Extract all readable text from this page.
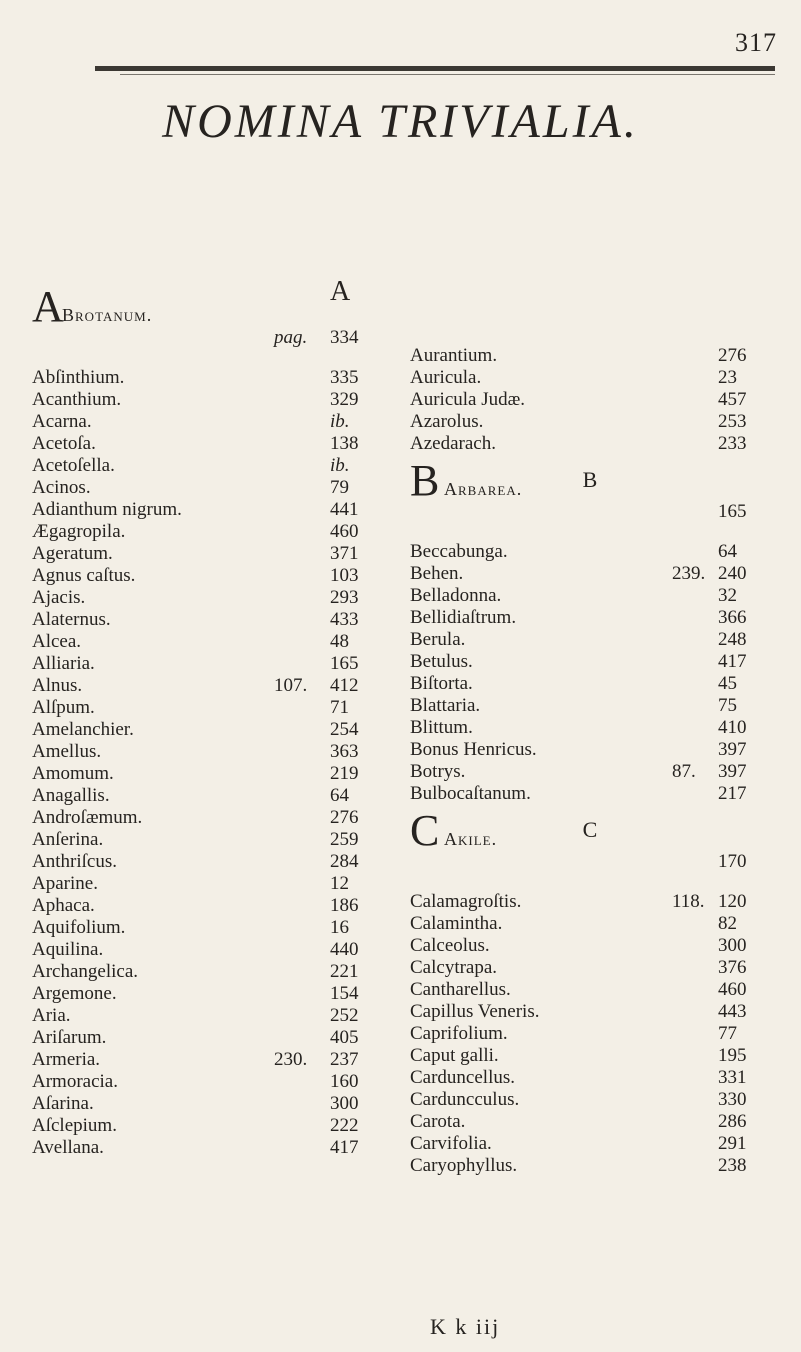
317
NOMINA TRIVIALIA.
A
A
Brotanum.
pag. 334
Abſinthium.	335
Acanthium.	329
Acarna.	ib.
Acetoſa.	138
Acetoſella.	ib.
Acinos.	79
Adianthum nigrum.	441
Ægagropila.	460
Ageratum.	371
Agnus caſtus.	103
Ajacis.	293
Alaternus.	433
Alcea.	48
Alliaria.	165
Alnus.	107. 412
Alſpum.	71
Amelanchier.	254
Amellus.	363
Amomum.	219
Anagallis.	64
Androſæmum.	276
Anſerina.	259
Anthriſcus.	284
Aparine.	12
Aphaca.	186
Aquifolium.	16
Aquilina.	440
Archangelica.	221
Argemone.	154
Aria.	252
Ariſarum.	405
Armeria.	230. 237
Armoracia.	160
Aſarina.	300
Aſclepium.	222
Avellana.	417
Aurantium.	276
Auricula.	23
Auricula Judæ.	457
Azarolus.	253
Azedarach.	233
B
B Arbarea.
165
Beccabunga.	64
Behen.	239. 240
Belladonna.	32
Bellidiaſtrum.	366
Berula.	248
Betulus.	417
Biſtorta.	45
Blattaria.	75
Blittum.	410
Bonus Henricus.	397
Botrys.	87. 397
Bulbocaſtanum.	217
C
C Akile.
170
Calamagroſtis.	118. 120
Calamintha.	82
Calceolus.	300
Calcytrapa.	376
Cantharellus.	460
Capillus Veneris.	443
Caprifolium.	77
Caput galli.	195
Carduncellus.	331
Carduncculus.	330
Carota.	286
Carvifolia.	291
Caryophyllus.	238
K k iij
